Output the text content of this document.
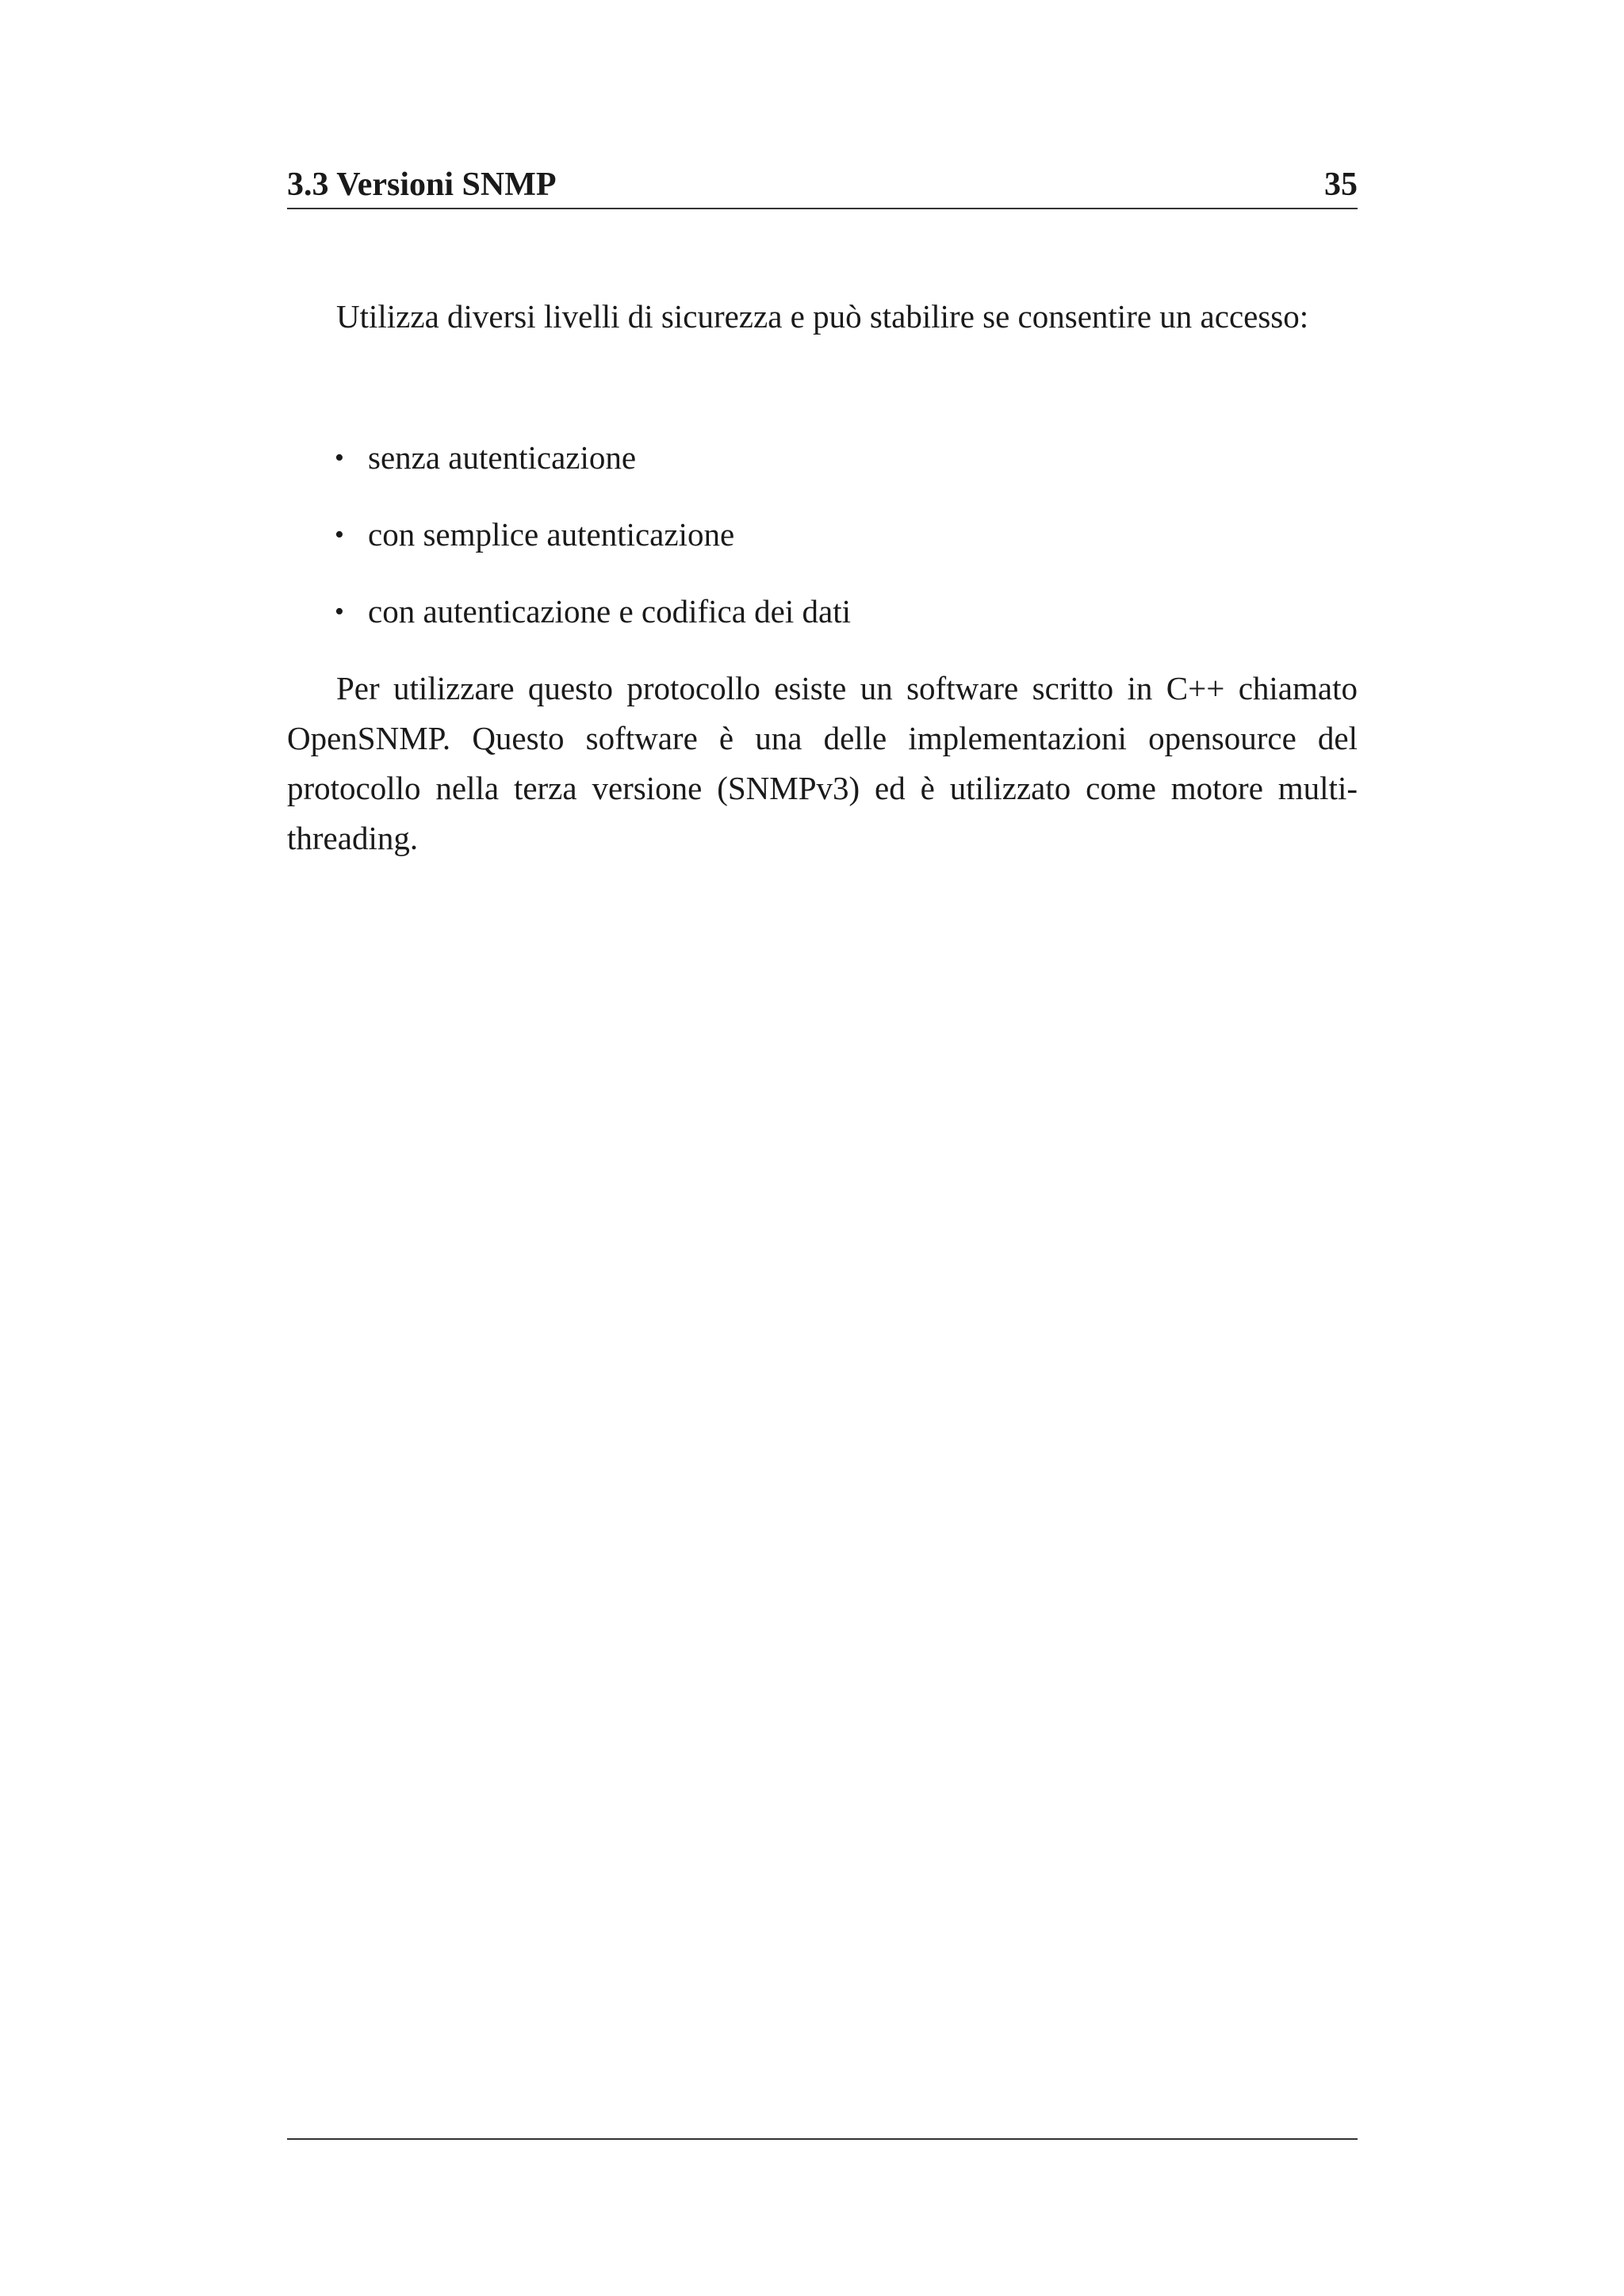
3.3 Versioni SNMP	35

Utilizza diversi livelli di sicurezza e può stabilire se consentire un accesso:

• senza autenticazione
• con semplice autenticazione
• con autenticazione e codifica dei dati

Per utilizzare questo protocollo esiste un software scritto in C++ chiamato OpenSNMP. Questo software è una delle implementazioni opensource del protocollo nella terza versione (SNMPv3) ed è utilizzato come motore multi-threading.
